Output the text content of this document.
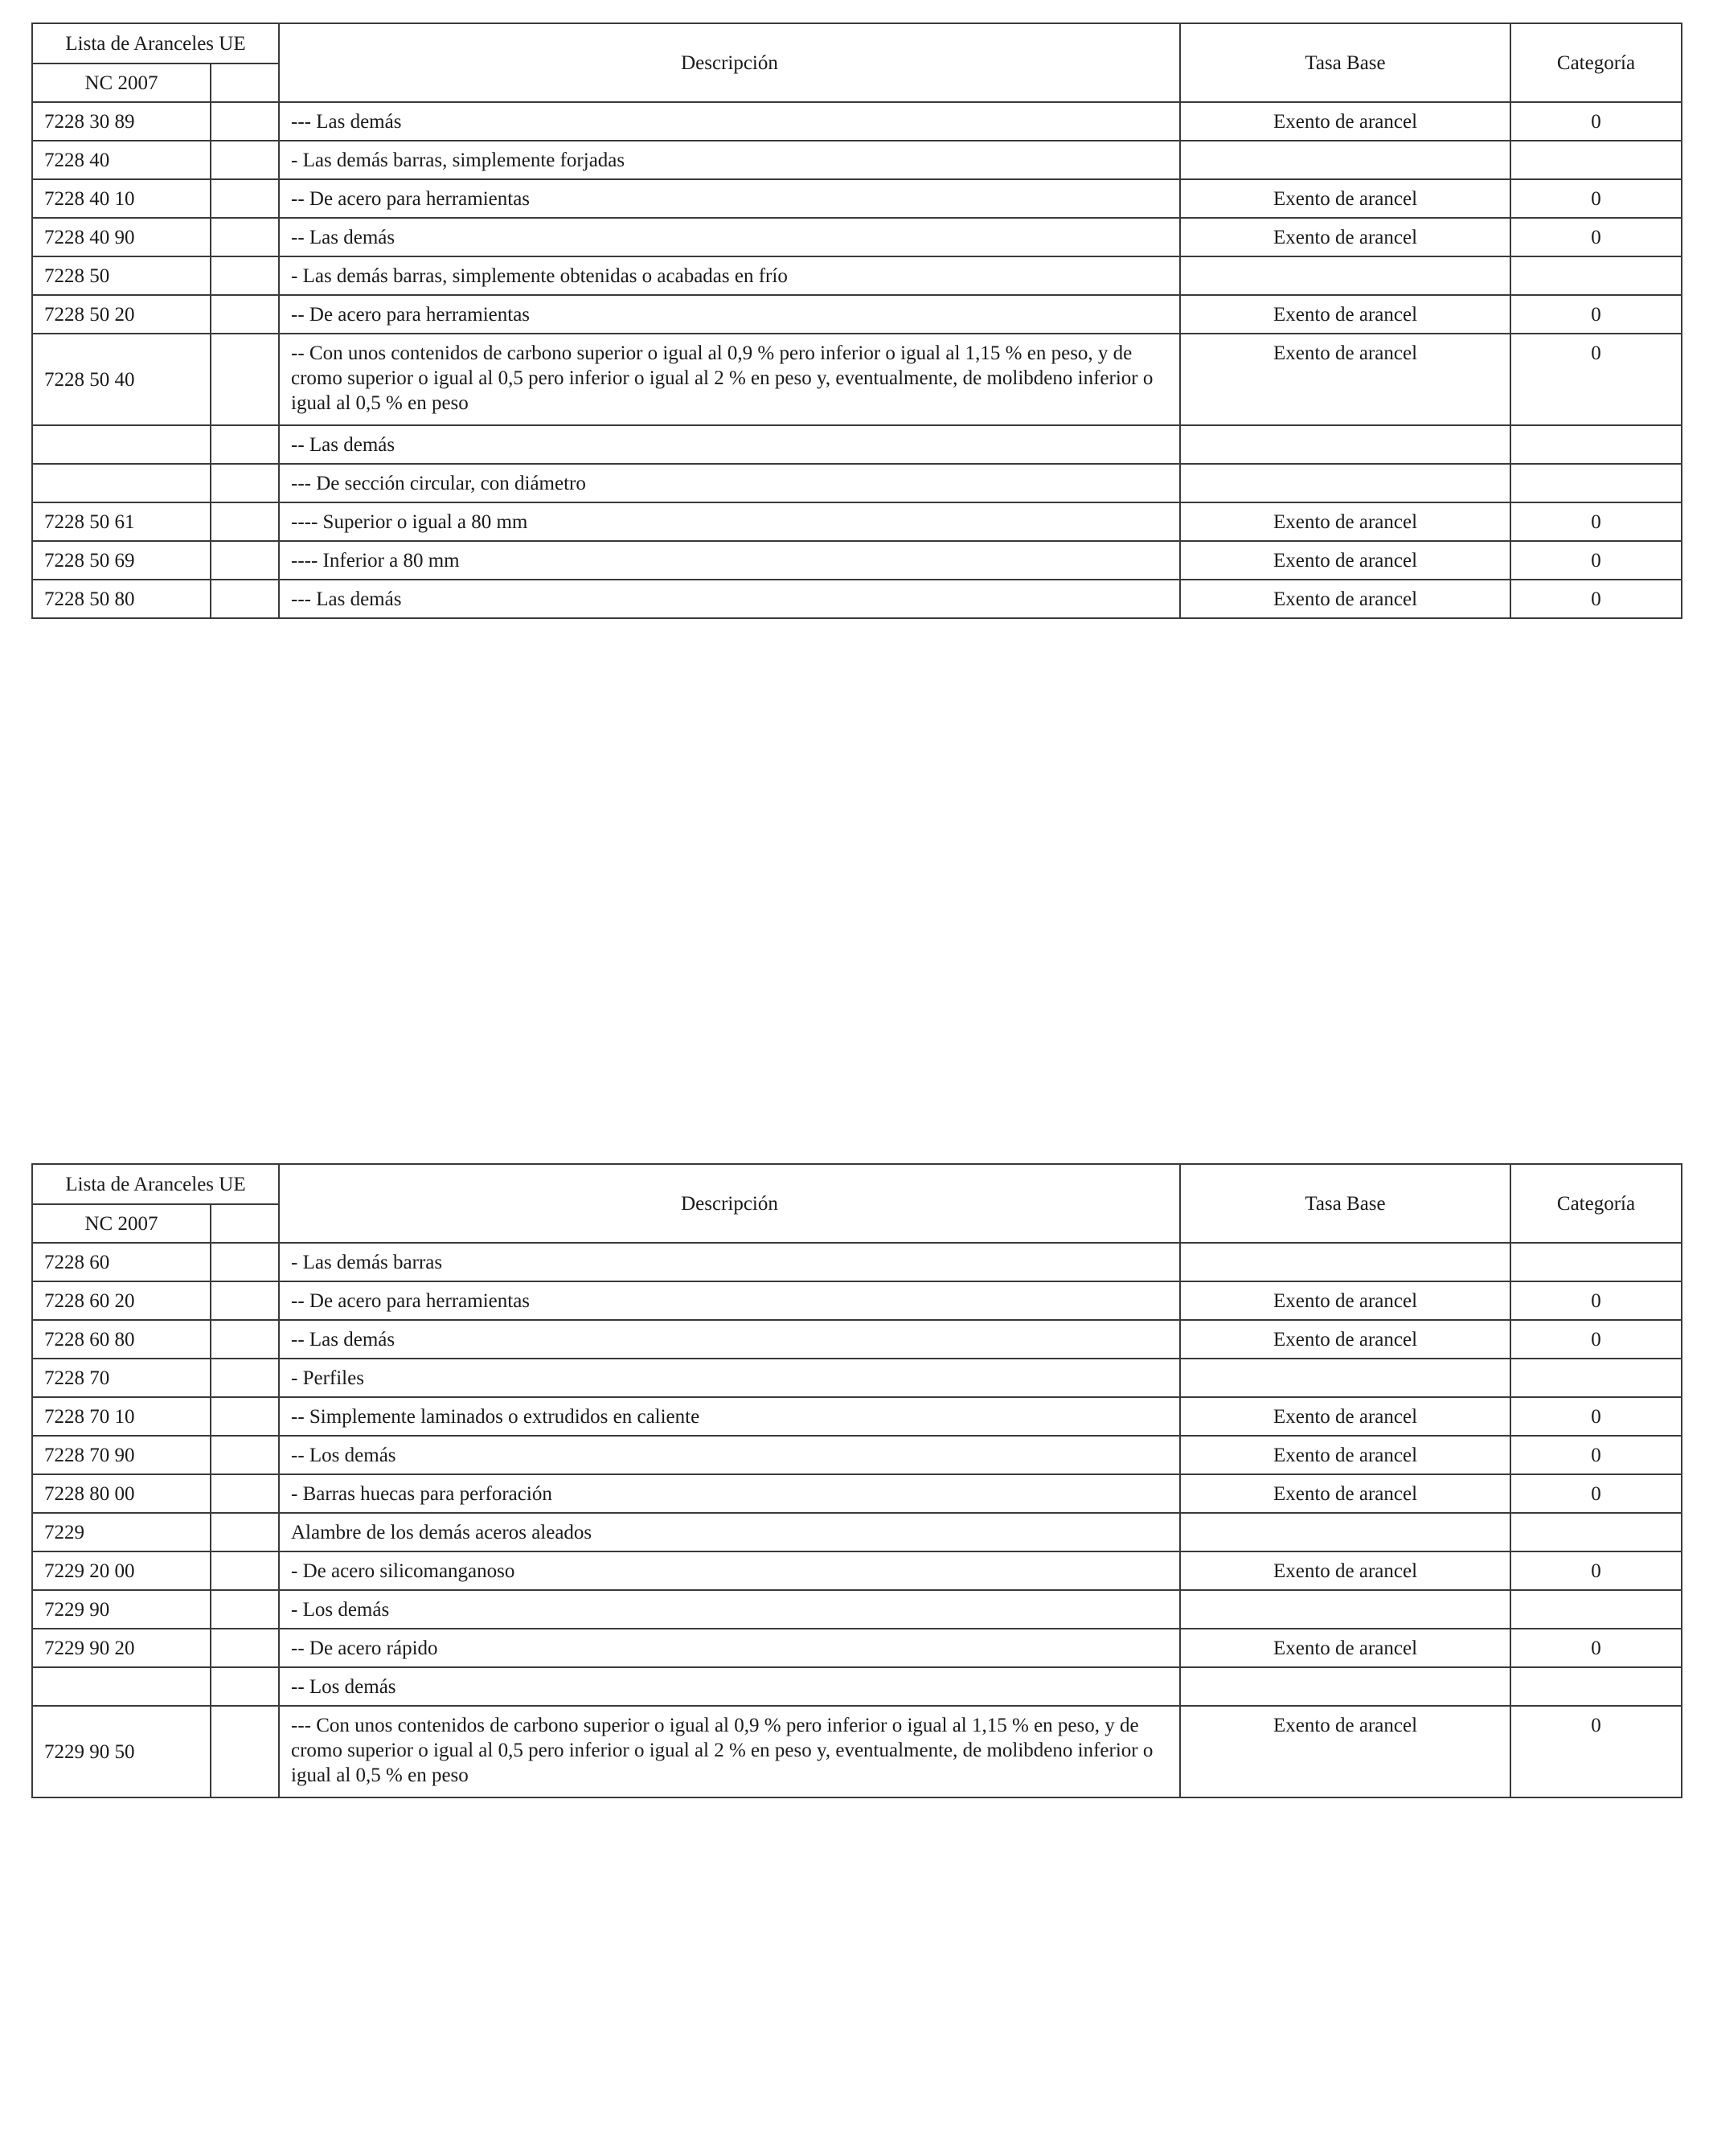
Lista de Aranceles UE		Descripción	Tasa Base	Categoría
NC 2007				
7228 30 89		--- Las demás	Exento de arancel	0
7228 40		- Las demás barras, simplemente forjadas		
7228 40 10		-- De acero para herramientas	Exento de arancel	0
7228 40 90		-- Las demás	Exento de arancel	0
7228 50		- Las demás barras, simplemente obtenidas o acabadas en frío		
7228 50 20		-- De acero para herramientas	Exento de arancel	0
7228 50 40		-- Con unos contenidos de carbono superior o igual al 0,9 % pero inferior o igual al 1,15 % en peso, y de cromo superior o igual al 0,5 pero inferior o igual al 2 % en peso y, eventualmente, de molibdeno inferior o igual al 0,5 % en peso	Exento de arancel	0
		-- Las demás		
		--- De sección circular, con diámetro		
7228 50 61		---- Superior o igual a 80 mm	Exento de arancel	0
7228 50 69		---- Inferior a 80 mm	Exento de arancel	0
7228 50 80		--- Las demás	Exento de arancel	0
Lista de Aranceles UE		Descripción	Tasa Base	Categoría
NC 2007				
7228 60		- Las demás barras		
7228 60 20		-- De acero para herramientas	Exento de arancel	0
7228 60 80		-- Las demás	Exento de arancel	0
7228 70		- Perfiles		
7228 70 10		-- Simplemente laminados o extrudidos en caliente	Exento de arancel	0
7228 70 90		-- Los demás	Exento de arancel	0
7228 80 00		- Barras huecas para perforación	Exento de arancel	0
7229		Alambre de los demás aceros aleados		
7229 20 00		- De acero silicomanganoso	Exento de arancel	0
7229 90		- Los demás		
7229 90 20		-- De acero rápido	Exento de arancel	0
		-- Los demás		
7229 90 50		--- Con unos contenidos de carbono superior o igual al 0,9 % pero inferior o igual al 1,15 % en peso, y de cromo superior o igual al 0,5 pero inferior o igual al 2 % en peso y, eventualmente, de molibdeno inferior o igual al 0,5 % en peso	Exento de arancel	0
